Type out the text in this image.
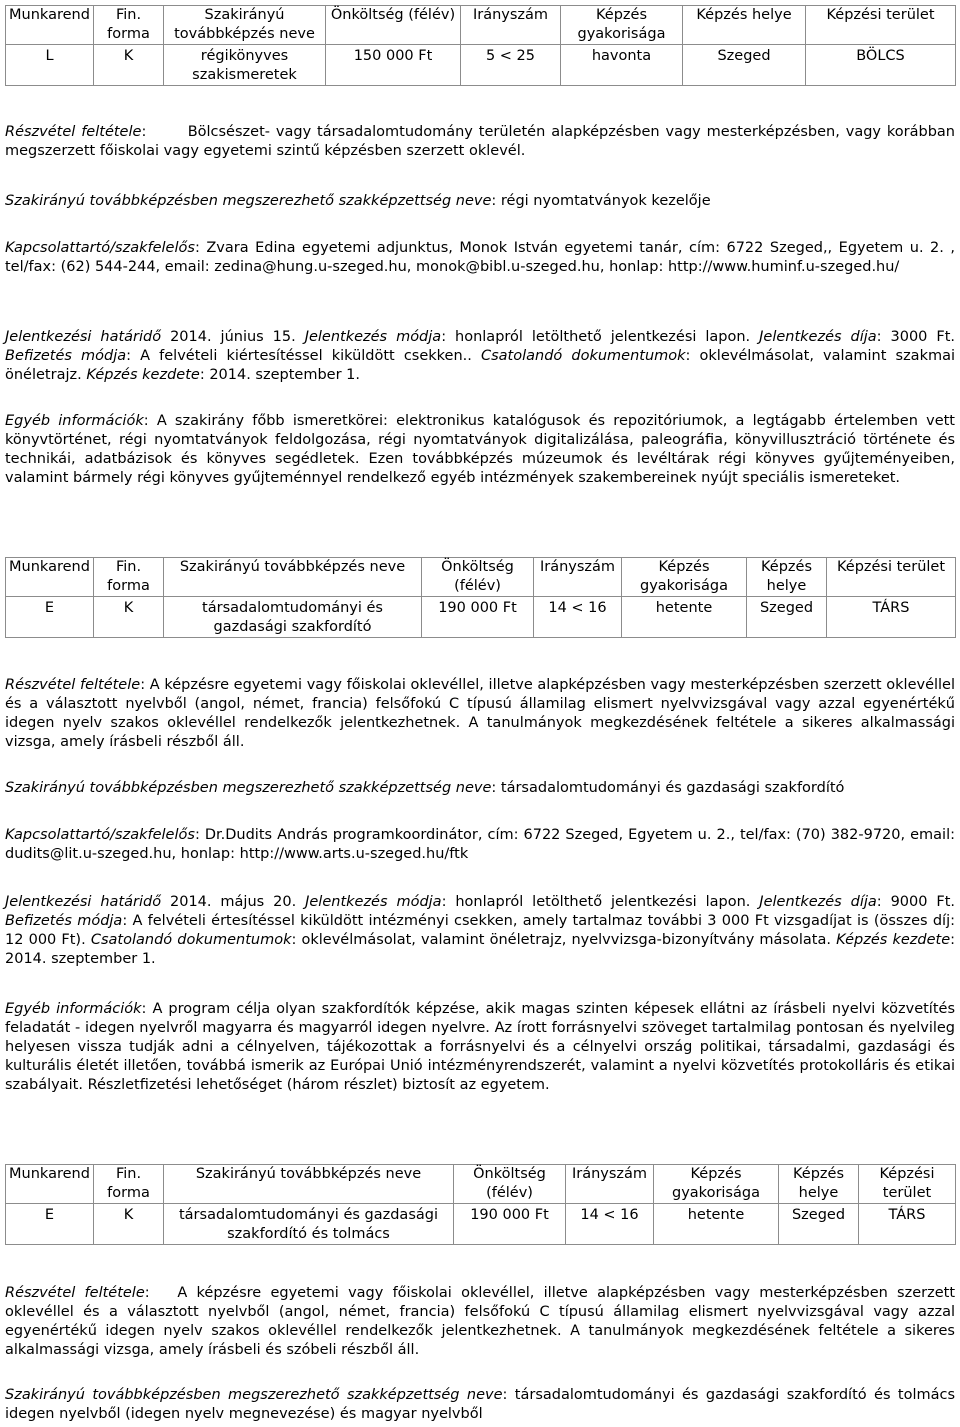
Munkarend	Fin. forma	Szakirányú továbbképzés neve	Önköltség (félév)	Irányszám	Képzés gyakorisága	Képzés helye	Képzési terület
L	K	régikönyves szakismeretek	150 000 Ft	5 < 25	havonta	Szeged	BÖLCS
Részvétel feltétele:       Bölcsészet- vagy társadalomtudomány területén alapképzésben vagy mesterképzésben, vagy korábban megszerzett főiskolai vagy egyetemi szintű képzésben szerzett oklevél.
Szakirányú továbbképzésben megszerezhető szakképzettség neve: régi nyomtatványok kezelője
Kapcsolattartó/szakfelelős: Zvara Edina egyetemi adjunktus, Monok István egyetemi tanár, cím: 6722 Szeged,, Egyetem u. 2. , tel/fax: (62) 544-244, email: zedina@hung.u-szeged.hu, monok@bibl.u-szeged.hu, honlap: http://www.huminf.u-szeged.hu/
Jelentkezési határidő 2014. június 15. Jelentkezés módja: honlapról letölthető jelentkezési lapon. Jelentkezés díja: 3000 Ft. Befizetés módja: A felvételi kiértesítéssel kiküldött csekken.. Csatolandó dokumentumok: oklevélmásolat, valamint szakmai önéletrajz. Képzés kezdete: 2014. szeptember 1.
Egyéb információk: A szakirány főbb ismeretkörei: elektronikus katalógusok és repozitóriumok, a legtágabb értelemben vett könyvtörténet, régi nyomtatványok feldolgozása, régi nyomtatványok digitalizálása, paleográfia, könyvillusztráció története és technikái, adatbázisok és könyves segédletek. Ezen továbbképzés múzeumok és levéltárak régi könyves gyűjteményeiben, valamint bármely régi könyves gyűjteménnyel rendelkező egyéb intézmények szakembereinek nyújt speciális ismereteket.
Munkarend	Fin. forma	Szakirányú továbbképzés neve	Önköltség (félév)	Irányszám	Képzés gyakorisága	Képzés helye	Képzési terület
E	K	társadalomtudományi és gazdasági szakfordító	190 000 Ft	14 < 16	hetente	Szeged	TÁRS
Részvétel feltétele: A képzésre egyetemi vagy főiskolai oklevéllel, illetve alapképzésben vagy mesterképzésben szerzett oklevéllel és a választott nyelvből (angol, német, francia) felsőfokú C típusú államilag elismert nyelvvizsgával vagy azzal egyenértékű idegen nyelv szakos oklevéllel rendelkezők jelentkezhetnek. A tanulmányok megkezdésének feltétele a sikeres alkalmassági vizsga, amely írásbeli részből áll.
Szakirányú továbbképzésben megszerezhető szakképzettség neve: társadalomtudományi és gazdasági szakfordító
Kapcsolattartó/szakfelelős: Dr.Dudits András programkoordinátor, cím: 6722 Szeged, Egyetem u. 2., tel/fax: (70) 382-9720, email: dudits@lit.u-szeged.hu, honlap: http://www.arts.u-szeged.hu/ftk
Jelentkezési határidő 2014. május 20. Jelentkezés módja: honlapról letölthető jelentkezési lapon. Jelentkezés díja: 9000 Ft. Befizetés módja: A felvételi értesítéssel kiküldött intézményi csekken, amely tartalmaz további 3 000 Ft vizsgadíjat is (összes díj: 12 000 Ft). Csatolandó dokumentumok: oklevélmásolat, valamint önéletrajz, nyelvvizsga-bizonyítvány másolata. Képzés kezdete: 2014. szeptember 1.
Egyéb információk: A program célja olyan szakfordítók képzése, akik magas szinten képesek ellátni az írásbeli nyelvi közvetítés feladatát - idegen nyelvről magyarra és magyarról idegen nyelvre. Az írott forrásnyelvi szöveget tartalmilag pontosan és nyelvileg helyesen vissza tudják adni a célnyelven, tájékozottak a forrásnyelvi és a célnyelvi ország politikai, társadalmi, gazdasági és kulturális életét illetően, továbbá ismerik az Európai Unió intézményrendszerét, valamint a nyelvi közvetítés protokolláris és etikai szabályait. Részletfizetési lehetőséget (három részlet) biztosít az egyetem.
Munkarend	Fin. forma	Szakirányú továbbképzés neve	Önköltség (félév)	Irányszám	Képzés gyakorisága	Képzés helye	Képzési terület
E	K	társadalomtudományi és gazdasági szakfordító és tolmács	190 000 Ft	14 < 16	hetente	Szeged	TÁRS
Részvétel feltétele:   A képzésre egyetemi vagy főiskolai oklevéllel, illetve alapképzésben vagy mesterképzésben szerzett oklevéllel és a választott nyelvből (angol, német, francia) felsőfokú C típusú államilag elismert nyelvvizsgával vagy azzal egyenértékű idegen nyelv szakos oklevéllel rendelkezők jelentkezhetnek. A tanulmányok megkezdésének feltétele a sikeres alkalmassági vizsga, amely írásbeli és szóbeli részből áll.
Szakirányú továbbképzésben megszerezhető szakképzettség neve: társadalomtudományi és gazdasági szakfordító és tolmács idegen nyelvből (idegen nyelv megnevezése) és magyar nyelvből
